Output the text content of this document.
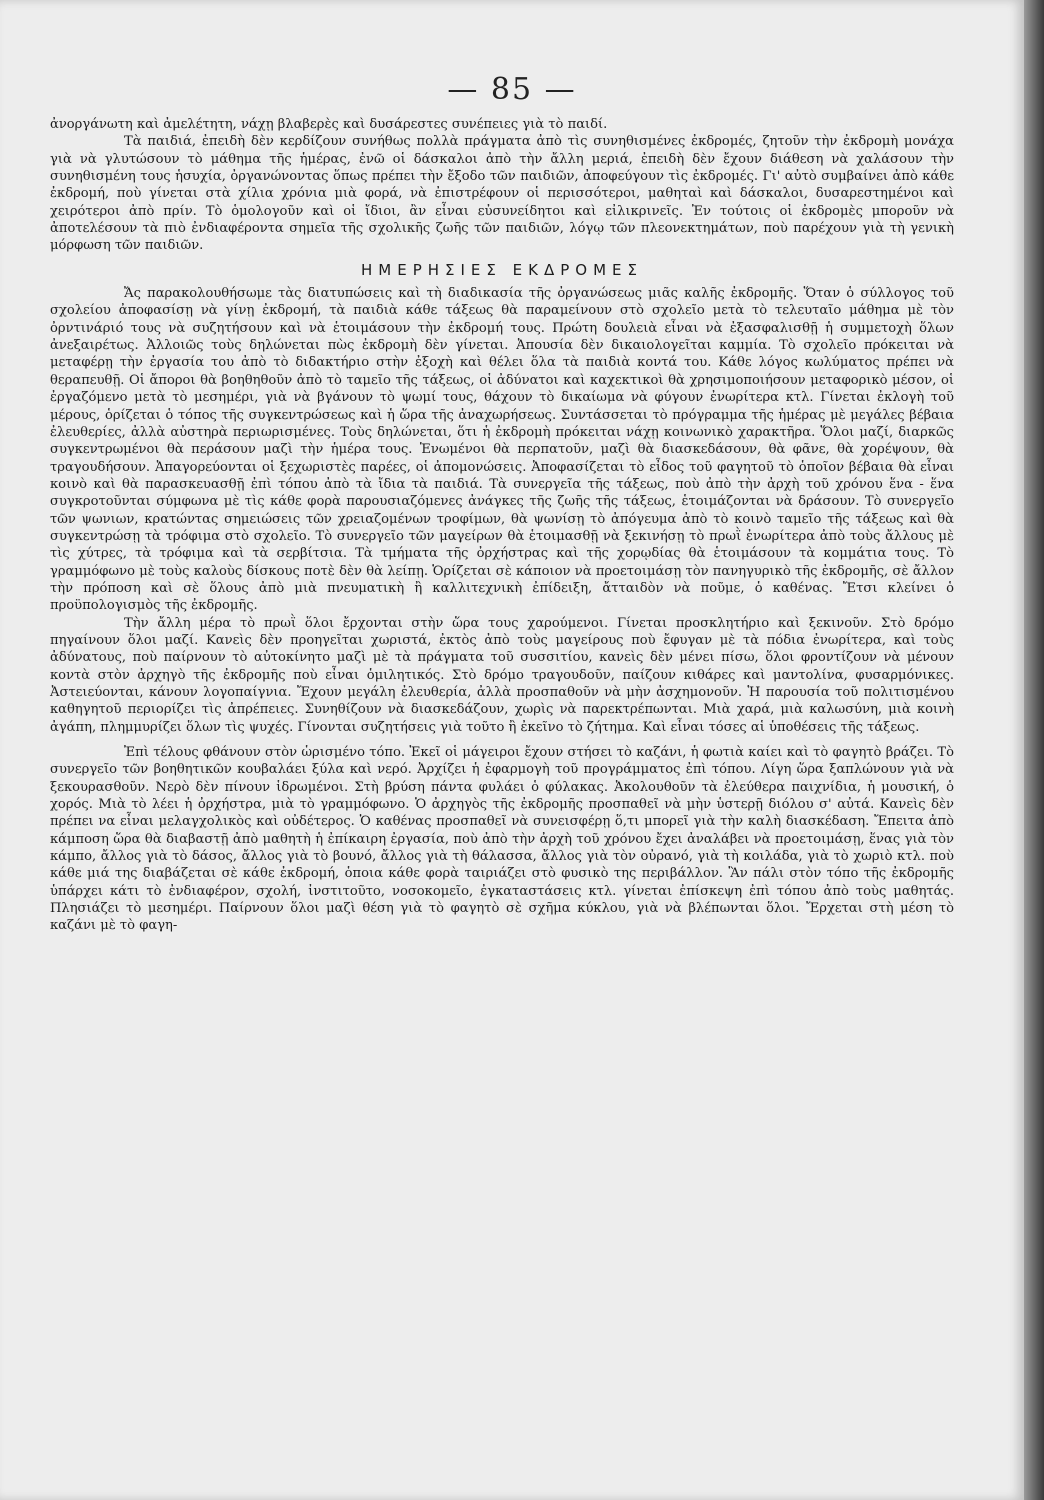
— 85 —

ἀνοργάνωτη καὶ ἀμελέτητη, νάχῃ βλαβερὲς καὶ δυσάρεστες συνέπειες γιὰ τὸ παιδί.

Τὰ παιδιά, ἐπειδὴ δὲν κερδίζουν συνήθως πολλὰ πράγματα ἀπὸ τὶς συνηθισμένες ἐκδρομές, ζητοῦν τὴν ἐκδρομὴ μονάχα γιὰ νὰ γλυτώσουν τὸ μάθημα τῆς ἡμέρας, ἐνῶ οἱ δάσκαλοι ἀπὸ τὴν ἄλλη μεριά, ἐπειδὴ δὲν ἔχουν διάθεση νὰ χαλάσουν τὴν συνηθισμένη τους ἡσυχία, ὀργανώνοντας ὅπως πρέπει τὴν ἔξοδο τῶν παιδιῶν, ἀποφεύγουν τὶς ἐκδρομές. Γι' αὐτὸ συμβαίνει ἀπὸ κάθε ἐκδρομή, ποὺ γίνεται στὰ χίλια χρόνια μιὰ φορά, νὰ ἐπιστρέφουν οἱ περισσότεροι, μαθηταὶ καὶ δάσκαλοι, δυσαρεστημένοι καὶ χειρότεροι ἀπὸ πρίν. Τὸ ὁμολογοῦν καὶ οἱ ἴδιοι, ἂν εἶναι εὐσυνείδητοι καὶ εἰλικρινεῖς. Ἐν τούτοις οἱ ἐκδρομὲς μποροῦν νὰ ἀποτελέσουν τὰ πιὸ ἐνδιαφέροντα σημεῖα τῆς σχολικῆς ζωῆς τῶν παιδιῶν, λόγῳ τῶν πλεονεκτημάτων, ποὺ παρέχουν γιὰ τὴ γενικὴ μόρφωση τῶν παιδιῶν.

ΗΜΕΡΗΣΙΕΣ ΕΚΔΡΟΜΕΣ

Ἄς παρακολουθήσωμε τὰς διατυπώσεις καὶ τὴ διαδικασία τῆς ὀργανώσεως μιᾶς καλῆς ἐκδρομῆς. Ὅταν ὁ σύλλογος τοῦ σχολείου ἀποφασίσῃ νὰ γίνῃ ἐκδρομή, τὰ παιδιὰ κάθε τάξεως θὰ παραμείνουν στὸ σχολεῖο μετὰ τὸ τελευταῖο μάθημα μὲ τὸν ὀρντινάριό τους νὰ συζητήσουν καὶ νὰ ἑτοιμάσουν τὴν ἐκδρομή τους. Πρώτη δουλειὰ εἶναι νὰ ἐξασφαλισθῇ ἡ συμμετοχὴ ὅλων ἀνεξαιρέτως. Ἀλλοιῶς τοὺς δηλώνεται πὼς ἐκδρομὴ δὲν γίνεται. Ἀπουσία δὲν δικαιολογεῖται καμμία. Τὸ σχολεῖο πρόκειται νὰ μεταφέρῃ τὴν ἐργασία του ἀπὸ τὸ διδακτήριο στὴν ἐξοχὴ καὶ θέλει ὅλα τὰ παιδιὰ κοντά του. Κάθε λόγος κωλύματος πρέπει νὰ θεραπευθῇ. Οἱ ἄποροι θὰ βοηθηθοῦν ἀπὸ τὸ ταμεῖο τῆς τάξεως, οἱ ἀδύνατοι καὶ καχεκτικοὶ θὰ χρησιμοποιήσουν μεταφορικὸ μέσον, οἱ ἐργαζόμενο μετὰ τὸ μεσημέρι, γιὰ νὰ βγάνουν τὸ ψωμί τους, θάχουν τὸ δικαίωμα νὰ φύγουν ἐνωρίτερα κτλ. Γίνεται ἐκλογὴ τοῦ μέρους, ὁρίζεται ὁ τόπος τῆς συγκεντρώσεως καὶ ἡ ὥρα τῆς ἀναχωρήσεως. Συντάσσεται τὸ πρόγραμμα τῆς ἡμέρας μὲ μεγάλες βέβαια ἐλευθερίες, ἀλλὰ αὐστηρὰ περιωρισμένες. Τοὺς δηλώνεται, ὅτι ἡ ἐκδρομὴ πρόκειται νάχῃ κοινωνικὸ χαρακτῆρα. Ὅλοι μαζί, διαρκῶς συγκεντρωμένοι θὰ περάσουν μαζὶ τὴν ἡμέρα τους. Ἑνωμένοι θὰ περπατοῦν, μαζὶ θὰ διασκεδάσουν, θὰ φᾶνε, θὰ χορέψουν, θὰ τραγουδήσουν. Ἀπαγορεύονται οἱ ξεχωριστὲς παρέες, οἱ ἀπομονώσεις. Ἀποφασίζεται τὸ εἶδος τοῦ φαγητοῦ τὸ ὁποῖον βέβαια θὰ εἶναι κοινὸ καὶ θὰ παρασκευασθῇ ἐπὶ τόπου ἀπὸ τὰ ἴδια τὰ παιδιά. Τὰ συνεργεῖα τῆς τάξεως, ποὺ ἀπὸ τὴν ἀρχὴ τοῦ χρόνου ἕνα - ἕνα συγκροτοῦνται σύμφωνα μὲ τὶς κάθε φορὰ παρουσιαζόμενες ἀνάγκες τῆς ζωῆς τῆς τάξεως, ἑτοιμάζονται νὰ δράσουν. Τὸ συνεργεῖο τῶν ψωνιων, κρατώντας σημειώσεις τῶν χρειαζομένων τροφίμων, θὰ ψωνίσῃ τὸ ἀπόγευμα ἀπὸ τὸ κοινὸ ταμεῖο τῆς τάξεως καὶ θὰ συγκεντρώσῃ τὰ τρόφιμα στὸ σχολεῖο. Τὸ συνεργεῖο τῶν μαγείρων θὰ ἑτοιμασθῇ νὰ ξεκινήσῃ τὸ πρωῒ ἐνωρίτερα ἀπὸ τοὺς ἄλλους μὲ τὶς χύτρες, τὰ τρόφιμα καὶ τὰ σερβίτσια. Τὰ τμήματα τῆς ὀρχήστρας καὶ τῆς χορῳδίας θὰ ἑτοιμάσουν τὰ κομμάτια τους. Τὸ γραμμόφωνο μὲ τοὺς καλοὺς δίσκους ποτὲ δὲν θὰ λείπῃ. Ὁρίζεται σὲ κάποιον νὰ προετοιμάσῃ τὸν πανηγυρικὸ τῆς ἐκδρομῆς, σὲ ἄλλον τὴν πρόποση καὶ σὲ ὅλους ἀπὸ μιὰ πνευματικὴ ἢ καλλιτεχνικὴ ἐπίδειξη, ἄτταιδὸν νὰ ποῦμε, ὁ καθένας. Ἔτσι κλείνει ὁ προϋπολογισμὸς τῆς ἐκδρομῆς.

Τὴν ἄλλη μέρα τὸ πρωῒ ὅλοι ἔρχονται στὴν ὥρα τους χαρούμενοι. Γίνεται προσκλητήριο καὶ ξεκινοῦν. Στὸ δρόμο πηγαίνουν ὅλοι μαζί. Κανεὶς δὲν προηγεῖται χωριστά, ἐκτὸς ἀπὸ τοὺς μαγείρους ποὺ ἔφυγαν μὲ τὰ πόδια ἐνωρίτερα, καὶ τοὺς ἀδύνατους, ποὺ παίρνουν τὸ αὐτοκίνητο μαζὶ μὲ τὰ πράγματα τοῦ συσσιτίου, κανεὶς δὲν μένει πίσω, ὅλοι φροντίζουν νὰ μένουν κοντὰ στὸν ἀρχηγὸ τῆς ἐκδρομῆς ποὺ εἶναι ὁμιλητικός. Στὸ δρόμο τραγουδοῦν, παίζουν κιθάρες καὶ μαντολίνα, φυσαρμόνικες. Ἀστειεύονται, κάνουν λογοπαίγνια. Ἔχουν μεγάλη ἐλευθερία, ἀλλὰ προσπαθοῦν νὰ μὴν ἀσχημονοῦν. Ἡ παρουσία τοῦ πολιτισμένου καθηγητοῦ περιορίζει τὶς ἀπρέπειες. Συνηθίζουν νὰ διασκεδάζουν, χωρὶς νὰ παρεκτρέπωνται. Μιὰ χαρά, μιὰ καλωσύνη, μιὰ κοινὴ ἀγάπη, πλημμυρίζει ὅλων τὶς ψυχές. Γίνονται συζητήσεις γιὰ τοῦτο ἢ ἐκεῖνο τὸ ζήτημα. Καὶ εἶναι τόσες αἱ ὑποθέσεις τῆς τάξεως.

Ἐπὶ τέλους φθάνουν στὸν ὡρισμένο τόπο. Ἐκεῖ οἱ μάγειροι ἔχουν στήσει τὸ καζάνι, ἡ φωτιὰ καίει καὶ τὸ φαγητὸ βράζει. Τὸ συνεργεῖο τῶν βοηθητικῶν κουβαλάει ξύλα καὶ νερό. Ἀρχίζει ἡ ἐφαρμογὴ τοῦ προγράμματος ἐπὶ τόπου. Λίγη ὥρα ξαπλώνουν γιὰ νὰ ξεκουρασθοῦν. Νερὸ δὲν πίνουν ἱδρωμένοι. Στὴ βρύση πάντα φυλάει ὁ φύλακας. Ἀκολουθοῦν τὰ ἐλεύθερα παιχνίδια, ἡ μουσική, ὁ χορός. Μιὰ τὸ λέει ἡ ὀρχήστρα, μιὰ τὸ γραμμόφωνο. Ὁ ἀρχηγὸς τῆς ἐκδρομῆς προσπαθεῖ νὰ μὴν ὑστερῇ διόλου σ' αὐτά. Κανεὶς δὲν πρέπει να εἶναι μελαγχολικὸς καὶ οὐδέτερος. Ὁ καθένας προσπαθεῖ νὰ συνεισφέρῃ ὅ,τι μπορεῖ γιὰ τὴν καλὴ διασκέδαση. Ἔπειτα ἀπὸ κάμποση ὥρα θὰ διαβαστῇ ἀπὸ μαθητὴ ἡ ἐπίκαιρη ἐργασία, ποὺ ἀπὸ τὴν ἀρχὴ τοῦ χρόνου ἔχει ἀναλάβει νὰ προετοιμάσῃ, ἕνας γιὰ τὸν κάμπο, ἄλλος γιὰ τὸ δάσος, ἄλλος γιὰ τὸ βουνό, ἄλλος γιὰ τὴ θάλασσα, ἄλλος γιὰ τὸν οὐρανό, γιὰ τὴ κοιλάδα, γιὰ τὸ χωριὸ κτλ. ποὺ κάθε μιά της διαβάζεται σὲ κάθε ἐκδρομή, ὁποια κάθε φορὰ ταιριάζει στὸ φυσικὸ της περιβάλλον. Ἂν πάλι στὸν τόπο τῆς ἐκδρομῆς ὑπάρχει κάτι τὸ ἐνδιαφέρον, σχολή, ἰνστιτοῦτο, νοσοκομεῖο, ἐγκαταστάσεις κτλ. γίνεται ἐπίσκεψη ἐπὶ τόπου ἀπὸ τοὺς μαθητάς. Πλησιάζει τὸ μεσημέρι. Παίρνουν ὅλοι μαζὶ θέση γιὰ τὸ φαγητὸ σὲ σχῆμα κύκλου, γιὰ νὰ βλέπωνται ὅλοι. Ἔρχεται στὴ μέση τὸ καζάνι μὲ τὸ φαγη-
